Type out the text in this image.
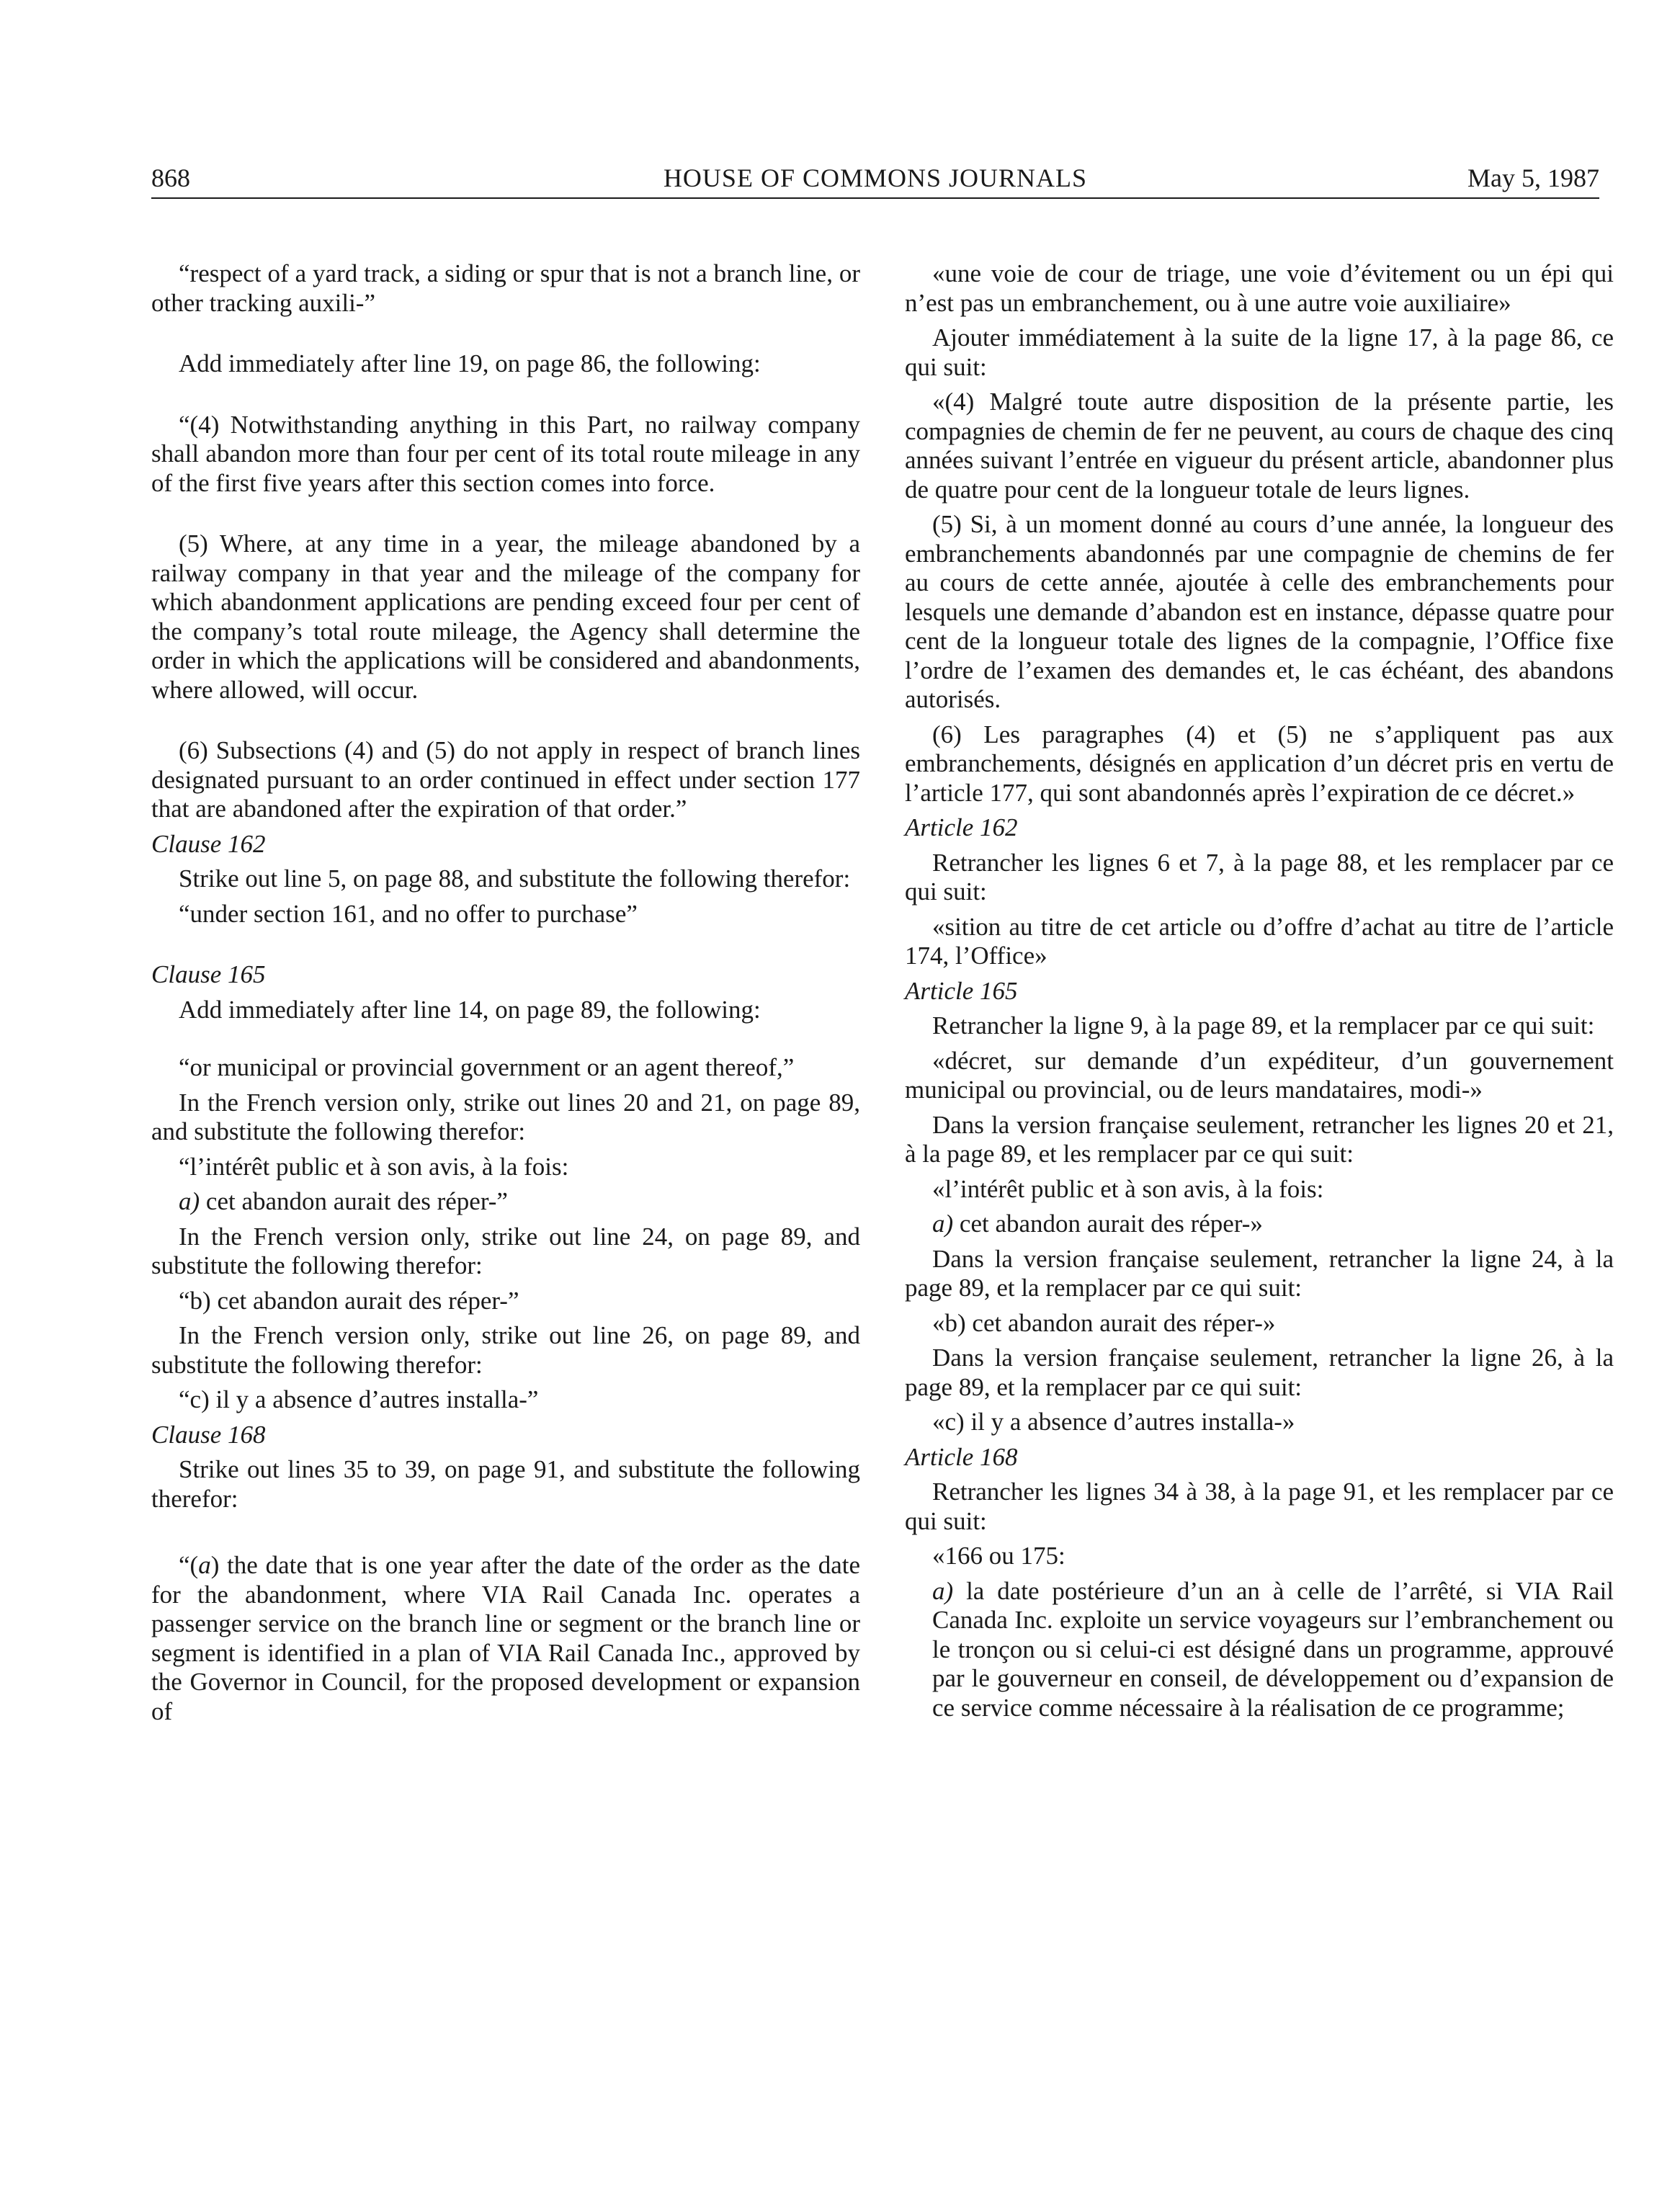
868	HOUSE OF COMMONS JOURNALS	May 5, 1987

“respect of a yard track, a siding or spur that is not a branch line, or other tracking auxili-”

Add immediately after line 19, on page 86, the following:

“(4) Notwithstanding anything in this Part, no railway company shall abandon more than four per cent of its total route mileage in any of the first five years after this section comes into force.

(5) Where, at any time in a year, the mileage abandoned by a railway company in that year and the mileage of the company for which abandonment applications are pending exceed four per cent of the company’s total route mileage, the Agency shall determine the order in which the applications will be considered and abandonments, where allowed, will occur.

(6) Subsections (4) and (5) do not apply in respect of branch lines designated pursuant to an order continued in effect under section 177 that are abandoned after the expiration of that order.”

Clause 162

Strike out line 5, on page 88, and substitute the following therefor:

“under section 161, and no offer to purchase”

Clause 165

Add immediately after line 14, on page 89, the following:

“or municipal or provincial government or an agent thereof,”

In the French version only, strike out lines 20 and 21, on page 89, and substitute the following therefor:

“l’intérêt public et à son avis, à la fois:

a) cet abandon aurait des réper-”

In the French version only, strike out line 24, on page 89, and substitute the following therefor:

“b) cet abandon aurait des réper-”

In the French version only, strike out line 26, on page 89, and substitute the following therefor:

“c) il y a absence d’autres installa-”

Clause 168

Strike out lines 35 to 39, on page 91, and substitute the following therefor:

“(a) the date that is one year after the date of the order as the date for the abandonment, where VIA Rail Canada Inc. operates a passenger service on the branch line or segment or the branch line or segment is identified in a plan of VIA Rail Canada Inc., approved by the Governor in Council, for the proposed development or expansion of

«une voie de cour de triage, une voie d’évitement ou un épi qui n’est pas un embranchement, ou à une autre voie auxiliaire»

Ajouter immédiatement à la suite de la ligne 17, à la page 86, ce qui suit:

«(4) Malgré toute autre disposition de la présente partie, les compagnies de chemin de fer ne peuvent, au cours de chaque des cinq années suivant l’entrée en vigueur du présent article, abandonner plus de quatre pour cent de la longueur totale de leurs lignes.

(5) Si, à un moment donné au cours d’une année, la longueur des embranchements abandonnés par une compagnie de chemins de fer au cours de cette année, ajoutée à celle des embranchements pour lesquels une demande d’abandon est en instance, dépasse quatre pour cent de la longueur totale des lignes de la compagnie, l’Office fixe l’ordre de l’examen des demandes et, le cas échéant, des abandons autorisés.

(6) Les paragraphes (4) et (5) ne s’appliquent pas aux embranchements, désignés en application d’un décret pris en vertu de l’article 177, qui sont abandonnés après l’expiration de ce décret.»

Article 162

Retrancher les lignes 6 et 7, à la page 88, et les remplacer par ce qui suit:

«sition au titre de cet article ou d’offre d’achat au titre de l’article 174, l’Office»

Article 165

Retrancher la ligne 9, à la page 89, et la remplacer par ce qui suit:

«décret, sur demande d’un expéditeur, d’un gouvernement municipal ou provincial, ou de leurs mandataires, modi-»

Dans la version française seulement, retrancher les lignes 20 et 21, à la page 89, et les remplacer par ce qui suit:

«l’intérêt public et à son avis, à la fois:

a) cet abandon aurait des réper-»

Dans la version française seulement, retrancher la ligne 24, à la page 89, et la remplacer par ce qui suit:

«b) cet abandon aurait des réper-»

Dans la version française seulement, retrancher la ligne 26, à la page 89, et la remplacer par ce qui suit:

«c) il y a absence d’autres installa-»

Article 168

Retrancher les lignes 34 à 38, à la page 91, et les remplacer par ce qui suit:

«166 ou 175:

a) la date postérieure d’un an à celle de l’arrêté, si VIA Rail Canada Inc. exploite un service voyageurs sur l’embranchement ou le tronçon ou si celui-ci est désigné dans un programme, approuvé par le gouverneur en conseil, de développement ou d’expansion de ce service comme nécessaire à la réalisation de ce programme;
